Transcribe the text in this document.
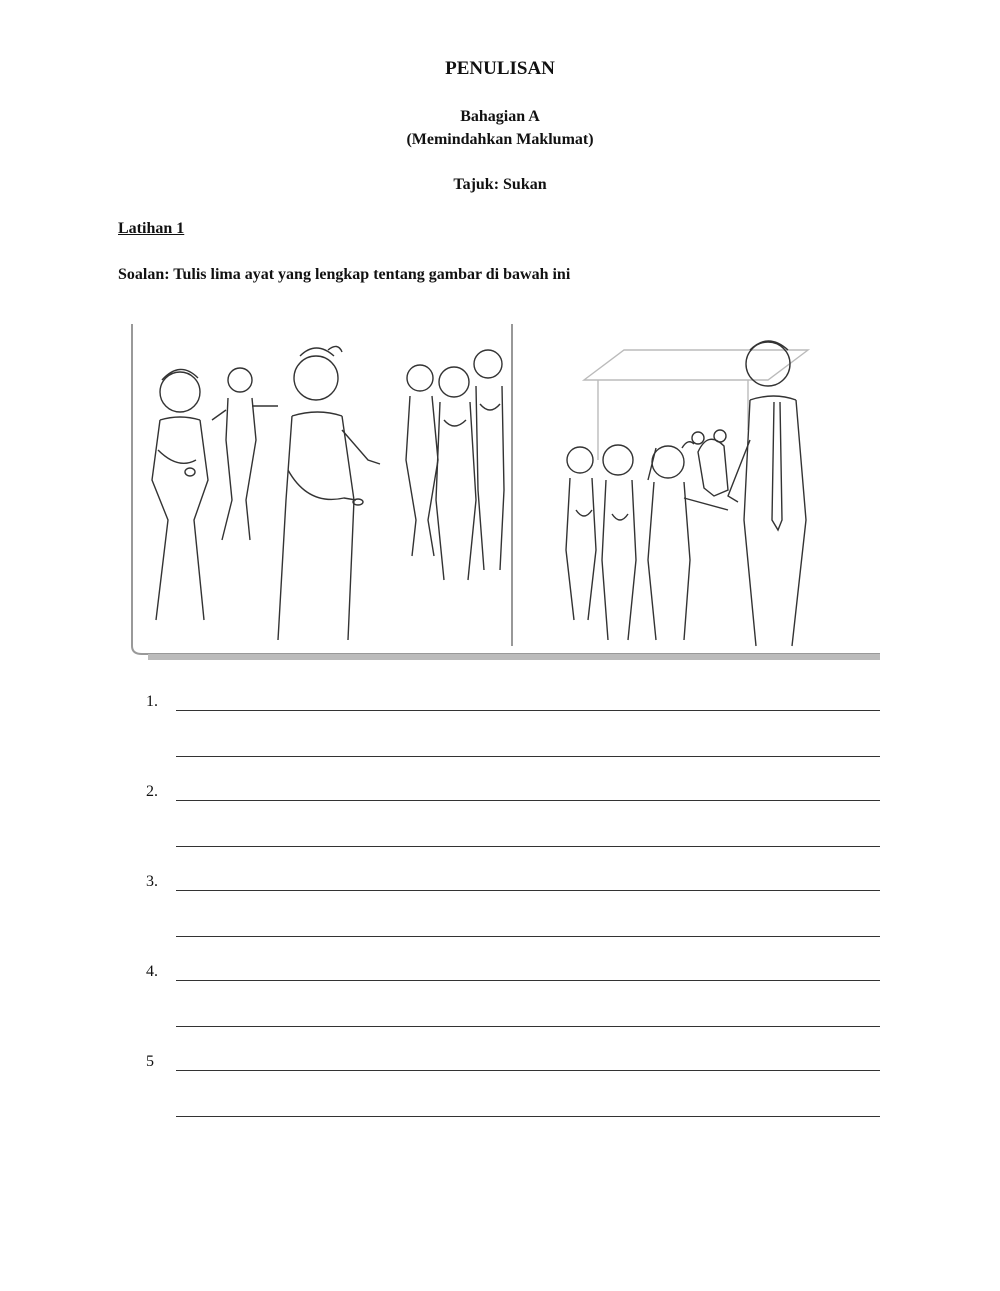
PENULISAN
Bahagian A
(Memindahkan Maklumat)
Tajuk: Sukan
Latihan 1
Soalan: Tulis lima ayat yang lengkap tentang gambar di bawah ini
1.
2.
3.
4.
5
